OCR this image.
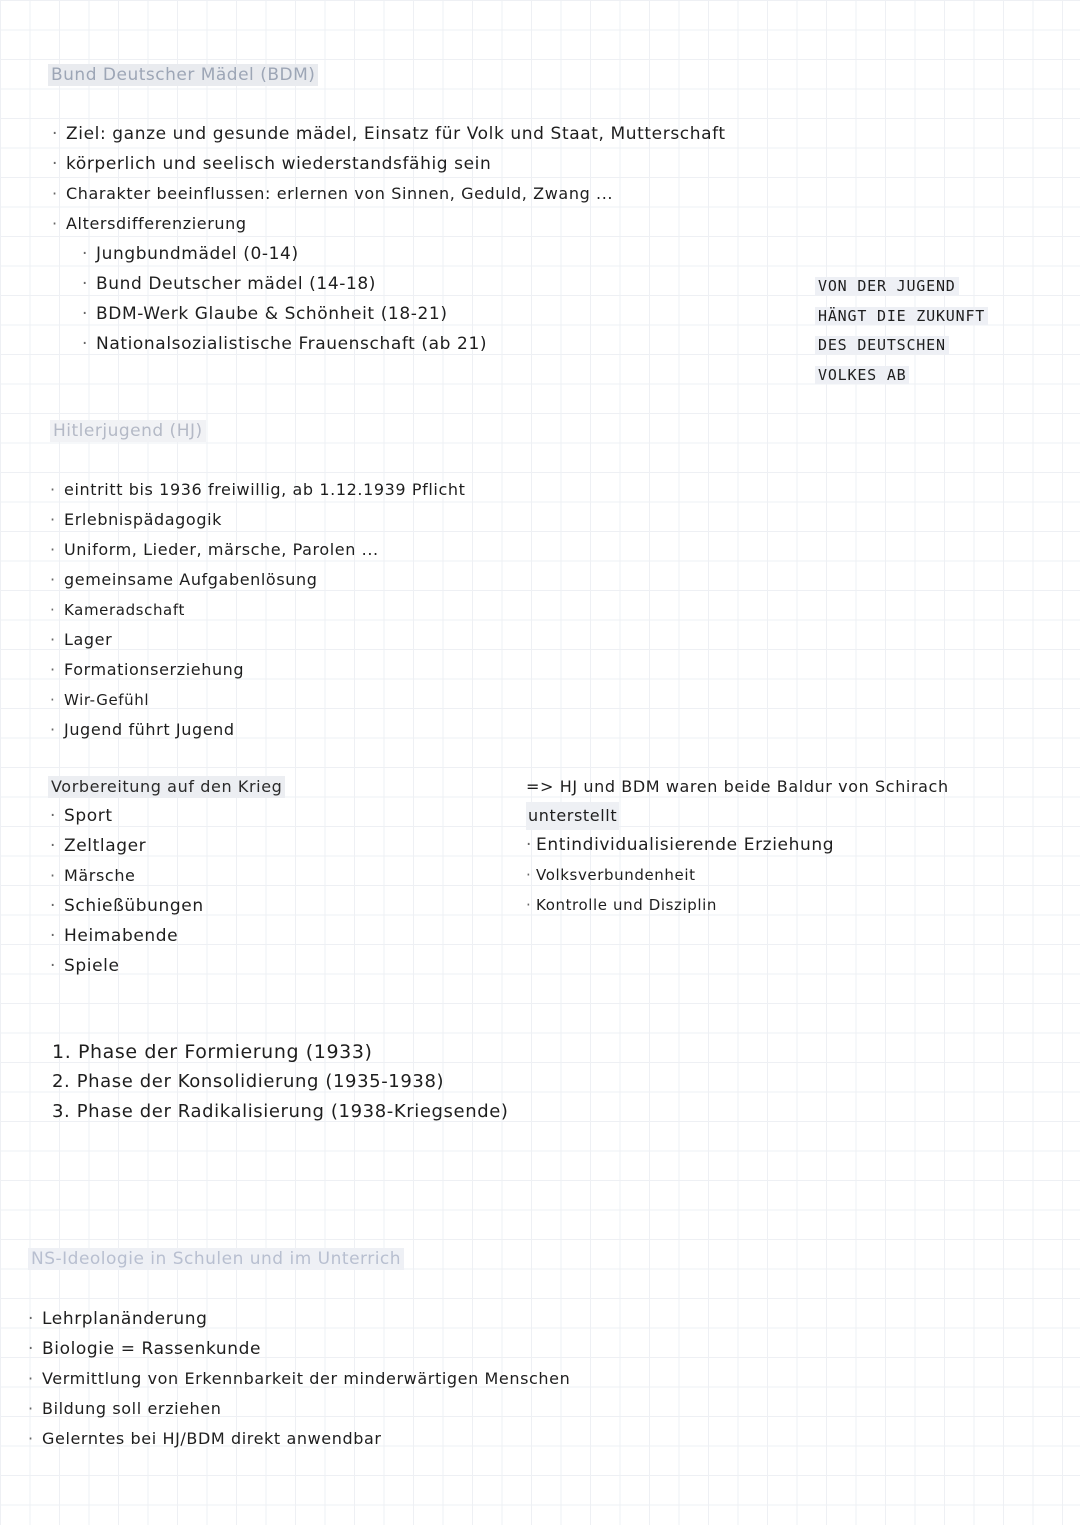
Bund Deutscher Mädel (BDM)
· Ziel: ganze und gesunde mädel, Einsatz für Volk und Staat, Mutterschaft
· körperlich und seelisch wiederstandsfähig sein
· Charakter beeinflussen: erlernen von Sinnen, Geduld, Zwang ...
· Altersdifferenzierung
· Jungbundmädel (0-14)
· Bund Deutscher mädel (14-18)
· BDM-Werk Glaube & Schönheit (18-21)
· Nationalsozialistische Frauenschaft (ab 21)
VON DER JUGEND
HÄNGT DIE ZUKUNFT
DES DEUTSCHEN
VOLKES AB
Hitlerjugend (HJ)
· eintritt bis 1936 freiwillig, ab 1.12.1939 Pflicht
· Erlebnispädagogik
· Uniform, Lieder, märsche, Parolen ...
· gemeinsame Aufgabenlösung
· Kameradschaft
· Lager
· Formationserziehung
· Wir-Gefühl
· Jugend führt Jugend
Vorbereitung auf den Krieg
· Sport
· Zeltlager
· Märsche
· Schießübungen
· Heimabende
· Spiele
=> HJ und BDM waren beide Baldur von Schirach
unterstellt
· Entindividualisierende Erziehung
· Volksverbundenheit
· Kontrolle und Disziplin
1. Phase der Formierung (1933)
2. Phase der Konsolidierung (1935-1938)
3. Phase der Radikalisierung (1938-Kriegsende)
NS-Ideologie in Schulen und im Unterrich
· Lehrplanänderung
· Biologie = Rassenkunde
· Vermittlung von Erkennbarkeit der minderwärtigen Menschen
· Bildung soll erziehen
· Gelerntes bei HJ/BDM direkt anwendbar
